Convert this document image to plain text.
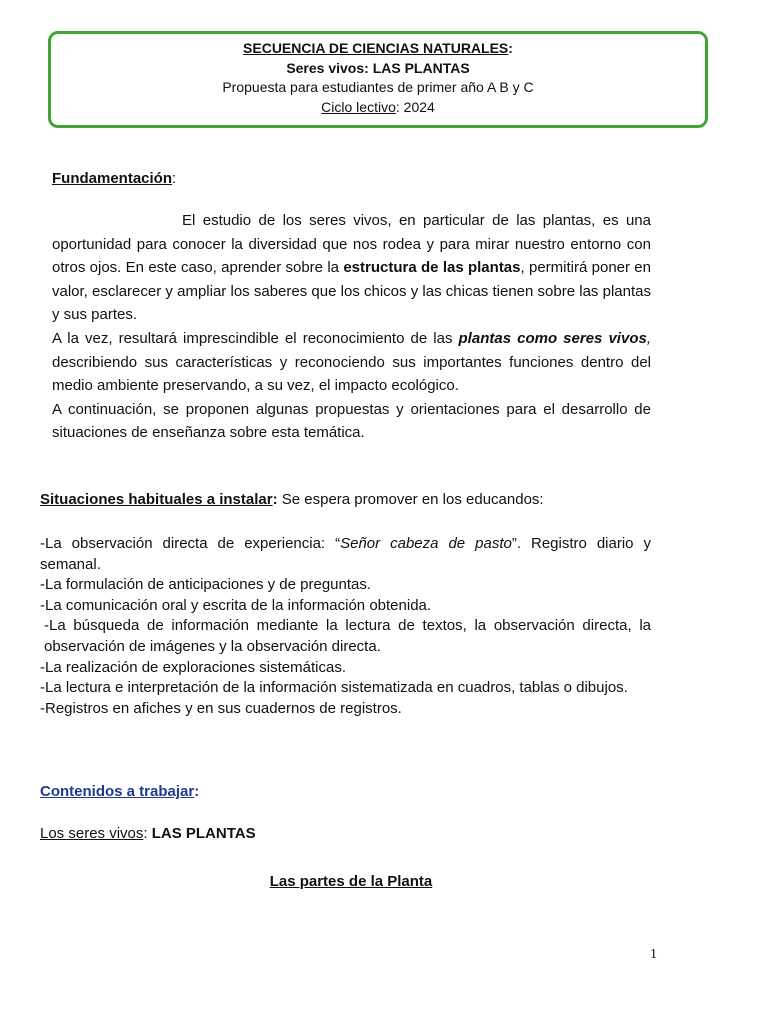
SECUENCIA DE CIENCIAS NATURALES:
Seres vivos: LAS PLANTAS
Propuesta para estudiantes de primer año A B y C
Ciclo lectivo: 2024
Fundamentación:
El estudio de los seres vivos, en particular de las plantas, es una oportunidad para conocer la diversidad que nos rodea y para mirar nuestro entorno con otros ojos. En este caso, aprender sobre la estructura de las plantas, permitirá poner en valor, esclarecer y ampliar los saberes que los chicos y las chicas tienen sobre las plantas y sus partes.
A la vez, resultará imprescindible el reconocimiento de las plantas como seres vivos, describiendo sus características y reconociendo sus importantes funciones dentro del medio ambiente preservando, a su vez, el impacto ecológico.
A continuación, se proponen algunas propuestas y orientaciones para el desarrollo de situaciones de enseñanza sobre esta temática.
Situaciones habituales a instalar: Se espera promover en los educandos:

-La observación directa de experiencia: “Señor cabeza de pasto”. Registro diario y semanal.

-La formulación de anticipaciones y de preguntas.

-La comunicación oral y escrita de la información obtenida.

-La búsqueda de información mediante la lectura de textos, la observación directa, la observación de imágenes y la observación directa.

-La realización de exploraciones sistemáticas.

-La lectura e interpretación de la información sistematizada en cuadros, tablas o dibujos.

-Registros en afiches y en sus cuadernos de registros.

Contenidos a trabajar:
Los seres vivos: LAS PLANTAS
Las partes de la Planta
1
